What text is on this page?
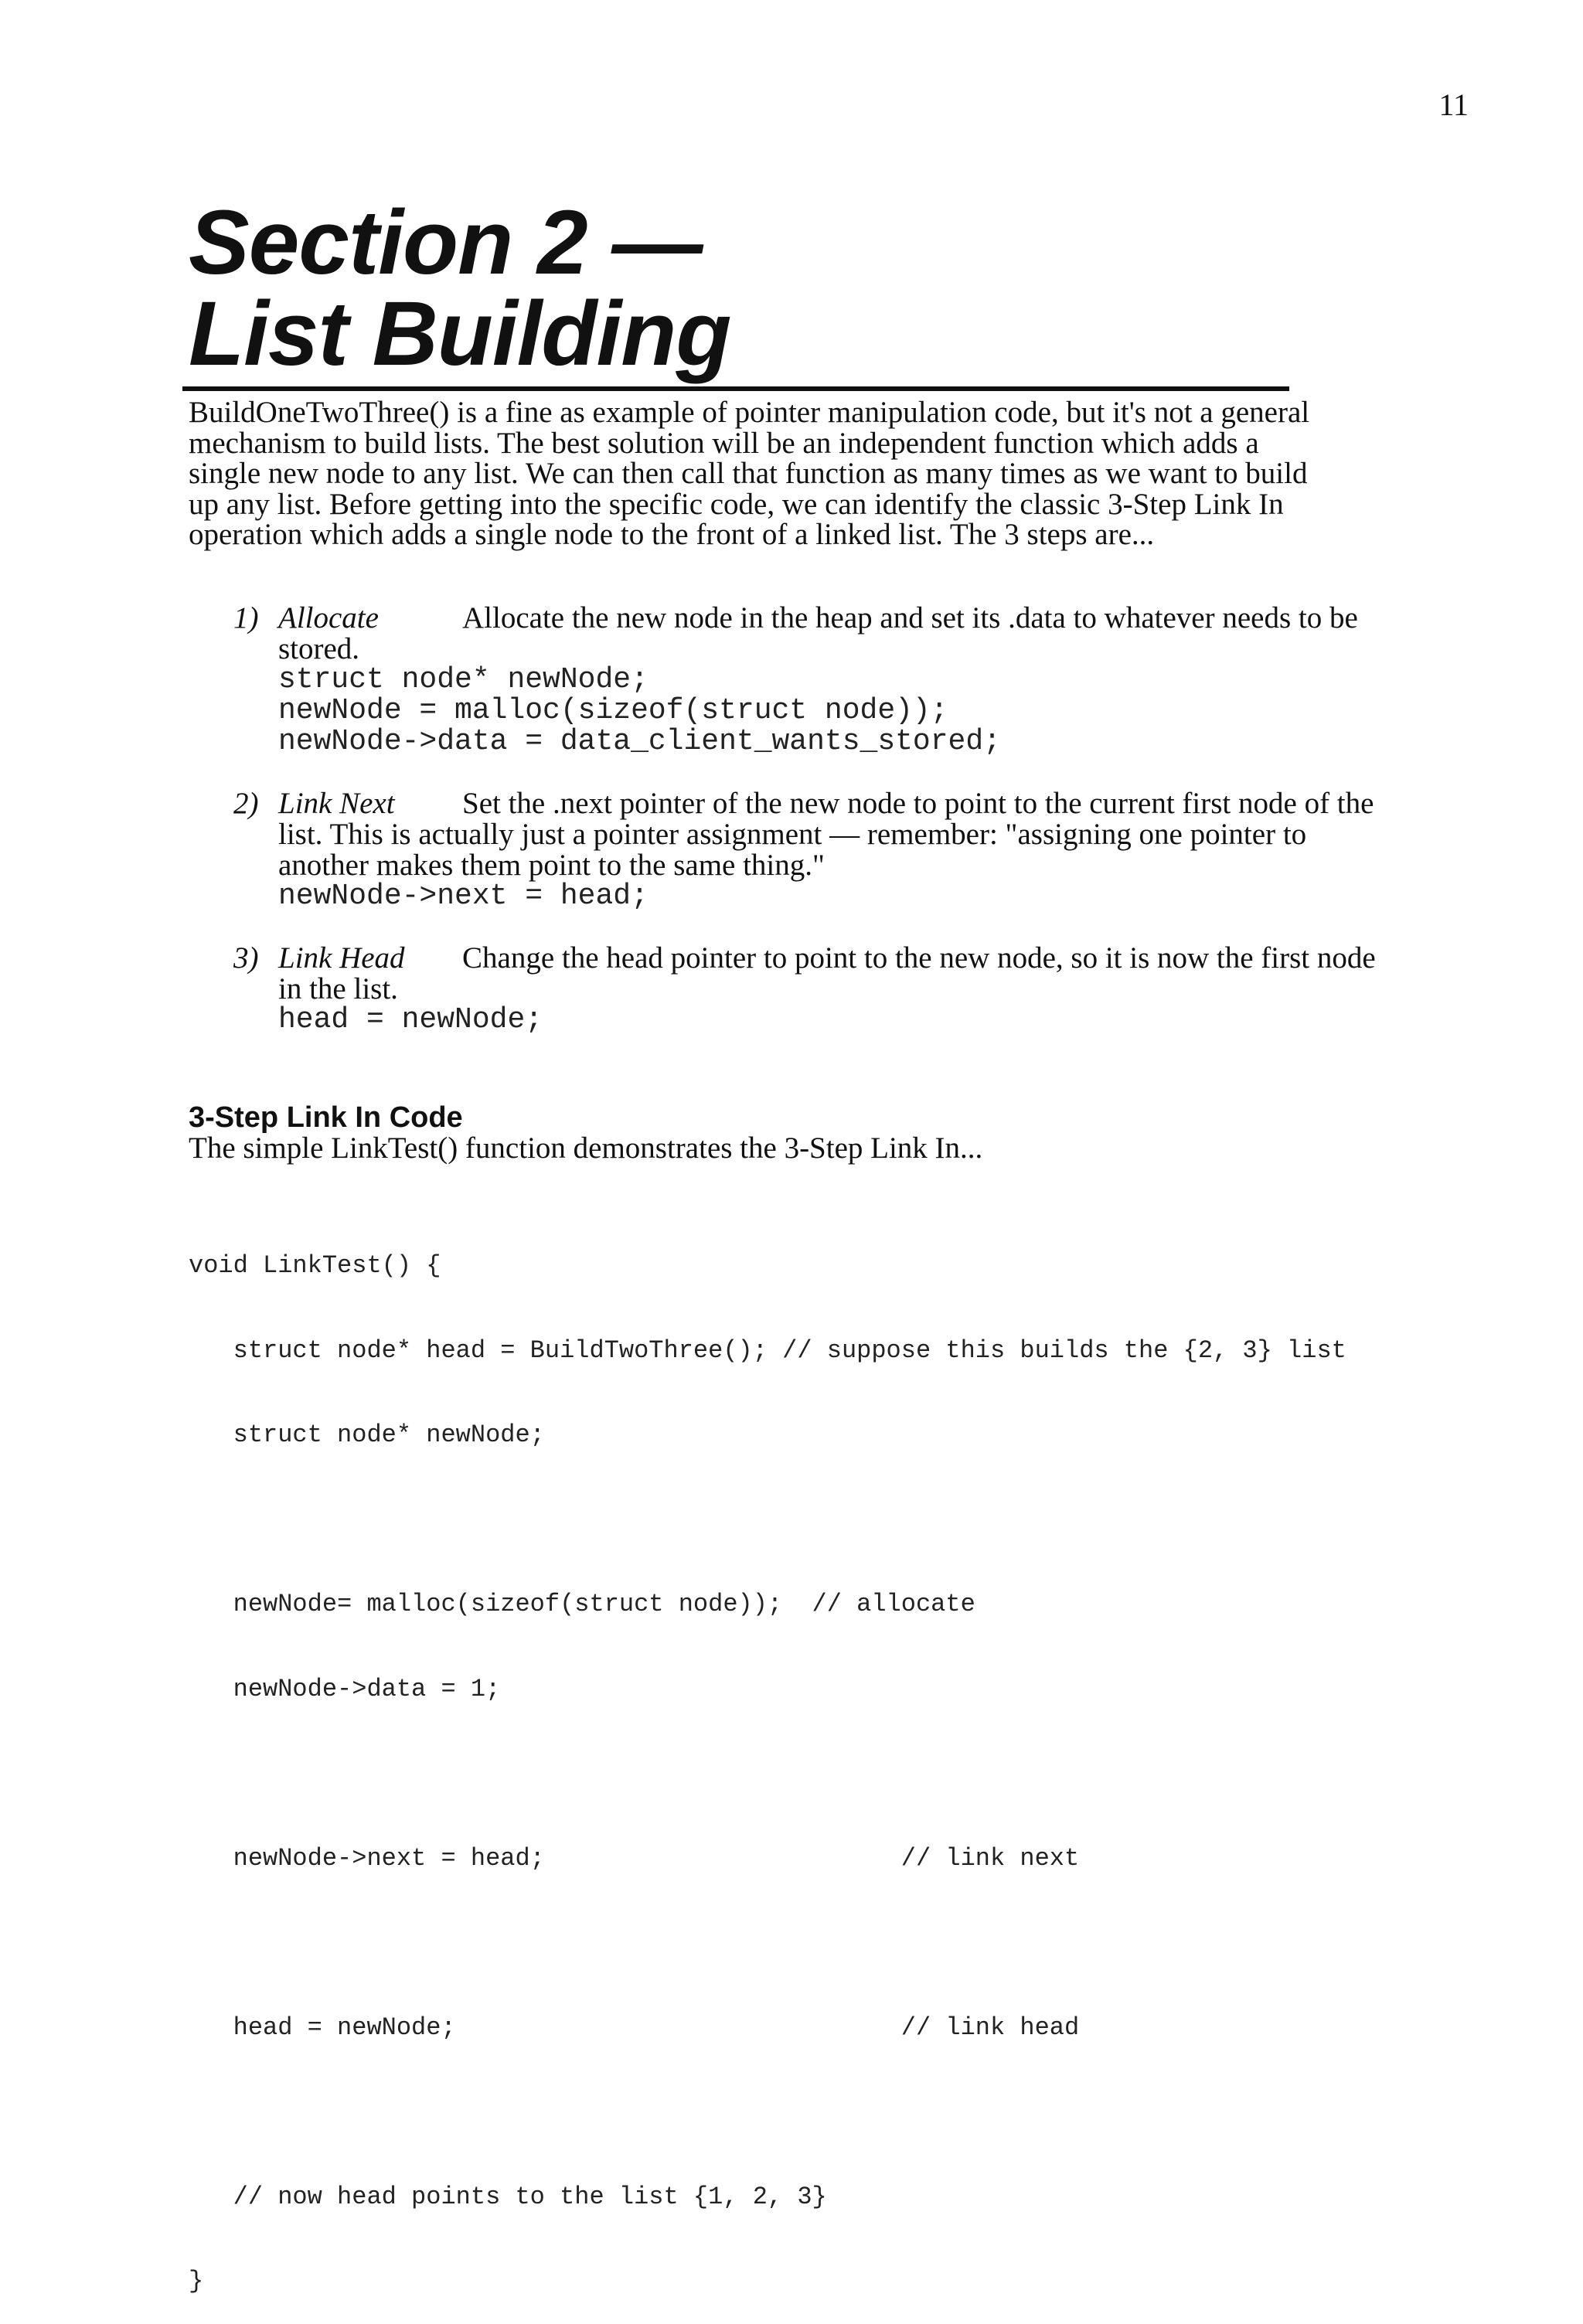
11
Section 2 —
List Building

BuildOneTwoThree() is a fine as example of pointer manipulation code, but it's not a general mechanism to build lists. The best solution will be an independent function which adds a single new node to any list. We can then call that function as many times as we want to build up any list. Before getting into the specific code, we can identify the classic 3-Step Link In operation which adds a single node to the front of a linked list. The 3 steps are...

1) Allocate	Allocate the new node in the heap and set its .data to whatever needs to be stored.
struct node* newNode;
newNode = malloc(sizeof(struct node));
newNode->data = data_client_wants_stored;
2) Link Next Set the .next pointer of the new node to point to the current first node of the list. This is actually just a pointer assignment — remember: "assigning one pointer to another makes them point to the same thing."
newNode->next = head;
3) Link Head Change the head pointer to point to the new node, so it is now the first node in the list.
head = newNode;
3-Step Link In Code
The simple LinkTest() function demonstrates the 3-Step Link In...

void LinkTest() {

struct node* head = BuildTwoThree(); // suppose this builds the {2, 3} list

struct node* newNode;

newNode= malloc(sizeof(struct node));  // allocate

newNode->data = 1;

newNode->next = head;                        // link next

head = newNode;                              // link head

// now head points to the list {1, 2, 3}

}
